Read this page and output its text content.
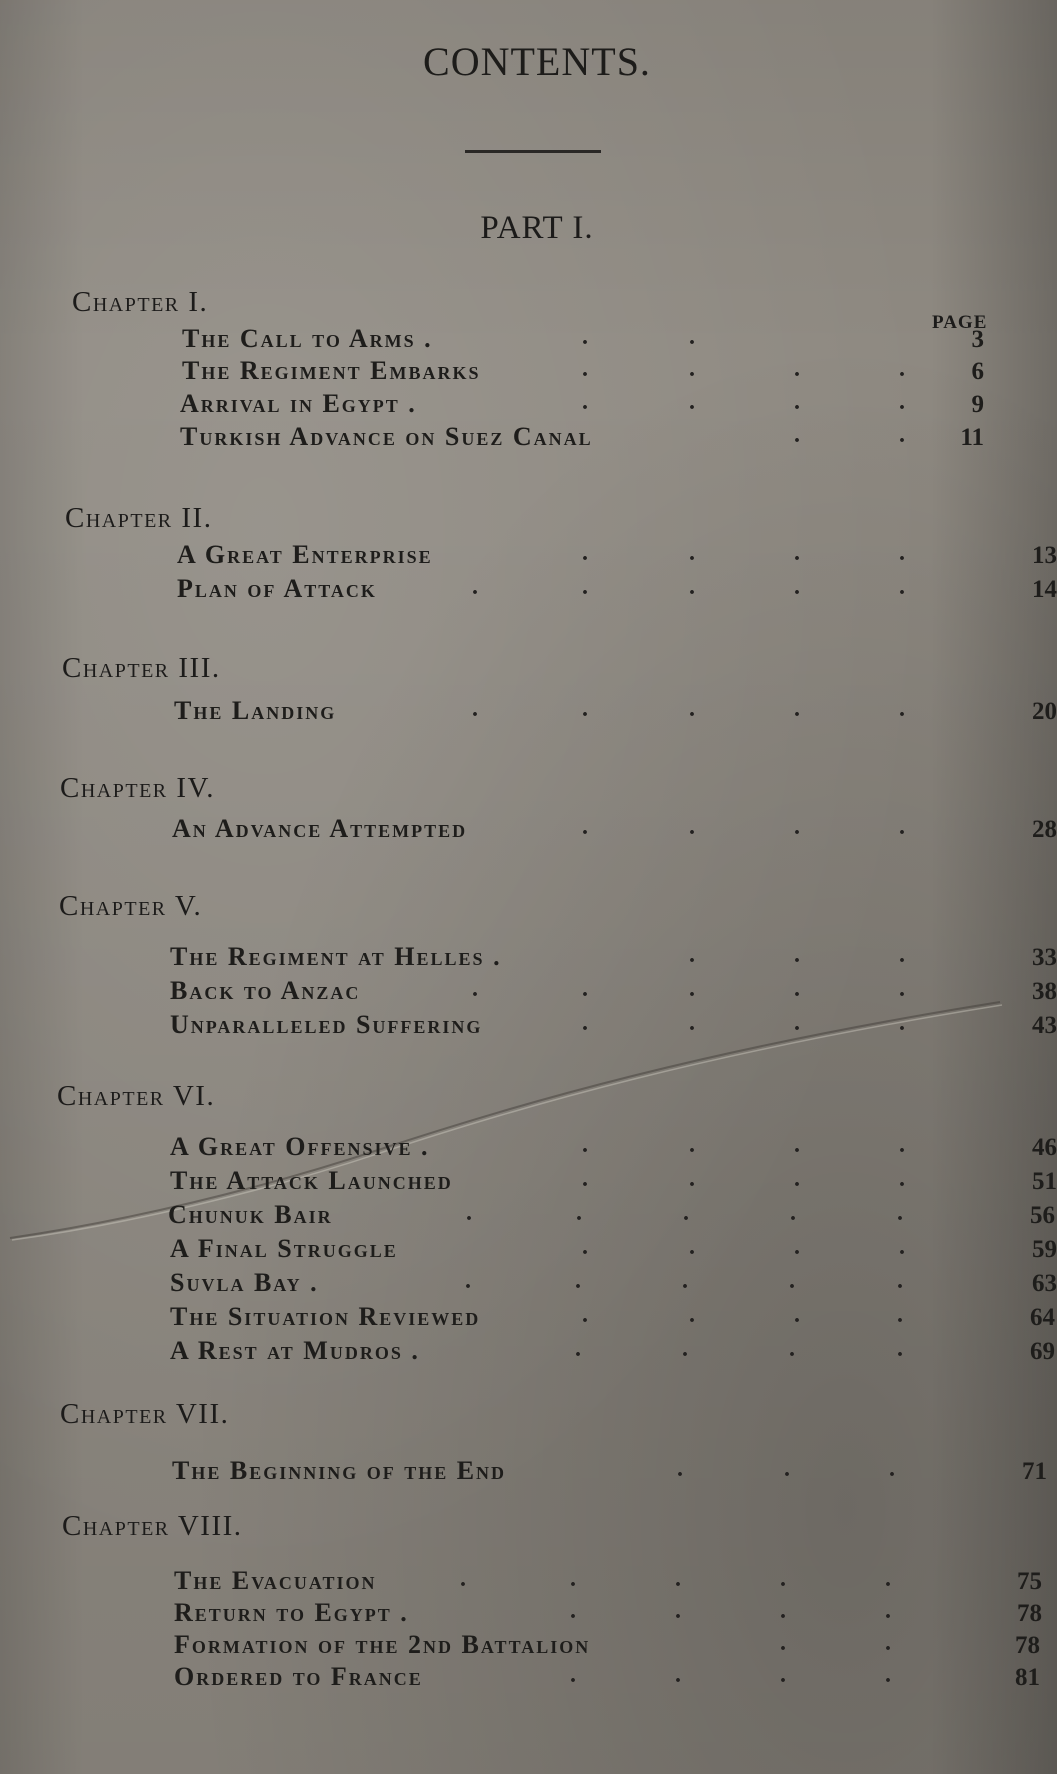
CONTENTS.
PART I.
PAGE
Chapter I.
The Call to Arms .	.	.	3
The Regiment Embarks	.	.	.	.	6
Arrival in Egypt .	.	.	.	.	9
Turkish Advance on Suez Canal	.	.	11
Chapter II.
A Great Enterprise	.	.	.	.	13
Plan of Attack	.	.	.	.	.	14
Chapter III.
The Landing	.	.	.	.	.	20
Chapter IV.
An Advance Attempted	.	.	.	.	28
Chapter V.
The Regiment at Helles .	.	.	.	33
Back to Anzac	.	.	.	.	.	38
Unparalleled Suffering	.	.	.	.	43
Chapter VI.
A Great Offensive .	.	.	.	.	46
The Attack Launched	.	.	.	.	51
Chunuk Bair	.	.	.	.	.	56
A Final Struggle	.	.	.	.	59
Suvla Bay .	.	.	.	.	.	63
The Situation Reviewed	.	.	.	.	64
A Rest at Mudros .	.	.	.	.	69
Chapter VII.
The Beginning of the End	.	.	.	71
Chapter VIII.
The Evacuation	.	.	.	.	.	75
Return to Egypt .	.	.	.	.	78
Formation of the 2nd Battalion	.	.	78
Ordered to France	.	.	.	.	81
